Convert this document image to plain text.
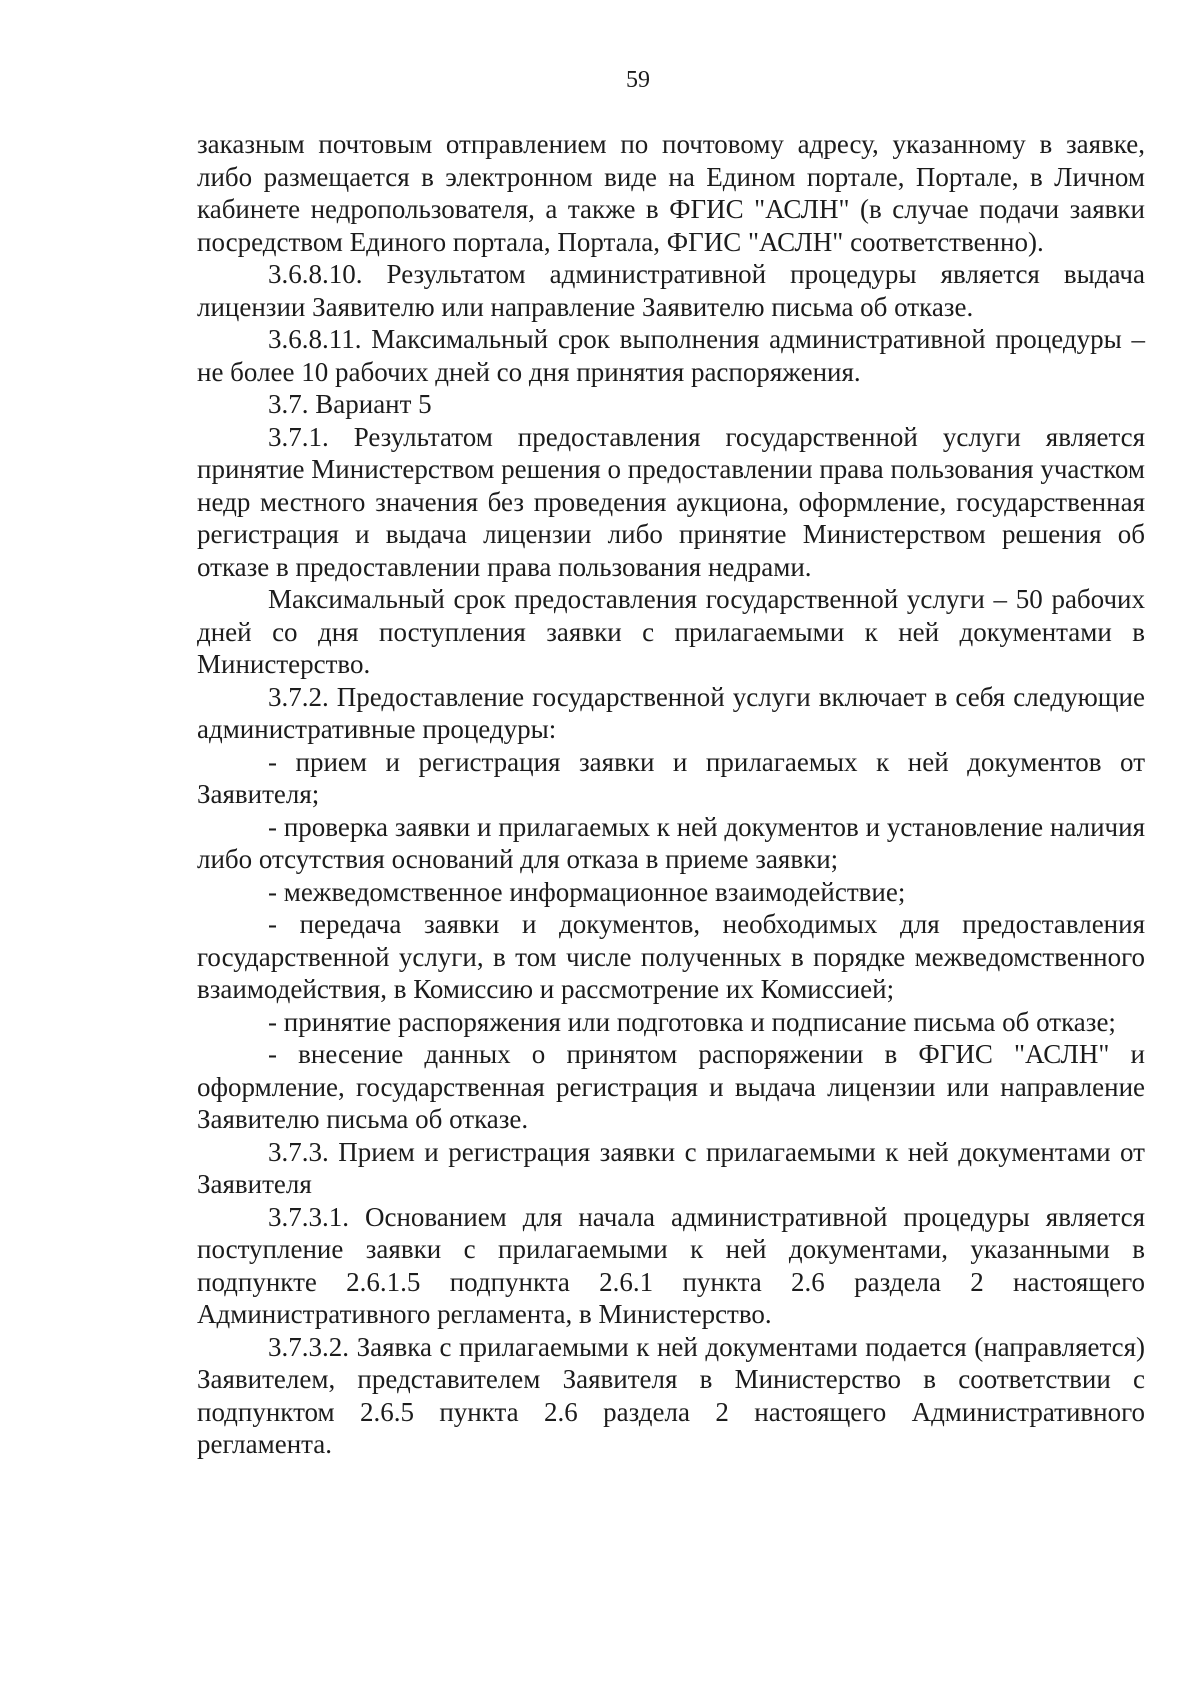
59

заказным почтовым отправлением по почтовому адресу, указанному в заявке, либо размещается в электронном виде на Едином портале, Портале, в Личном кабинете недропользователя, а также в ФГИС "АСЛН" (в случае подачи заявки посредством Единого портала, Портала, ФГИС "АСЛН" соответственно).

3.6.8.10. Результатом административной процедуры является выдача лицензии Заявителю или направление Заявителю письма об отказе.

3.6.8.11. Максимальный срок выполнения административной процедуры – не более 10 рабочих дней со дня принятия распоряжения.

3.7. Вариант 5

3.7.1. Результатом предоставления государственной услуги является принятие Министерством решения о предоставлении права пользования участком недр местного значения без проведения аукциона, оформление, государственная регистрация и выдача лицензии либо принятие Министерством решения об отказе в предоставлении права пользования недрами.

Максимальный срок предоставления государственной услуги – 50 рабочих дней со дня поступления заявки с прилагаемыми к ней документами в Министерство.

3.7.2. Предоставление государственной услуги включает в себя следующие административные процедуры:

- прием и регистрация заявки и прилагаемых к ней документов от Заявителя;

- проверка заявки и прилагаемых к ней документов и установление наличия либо отсутствия оснований для отказа в приеме заявки;

- межведомственное информационное взаимодействие;

- передача заявки и документов, необходимых для предоставления государственной услуги, в том числе полученных в порядке межведомственного взаимодействия, в Комиссию и рассмотрение их Комиссией;

- принятие распоряжения или подготовка и подписание письма об отказе;

- внесение данных о принятом распоряжении в ФГИС "АСЛН" и оформление, государственная регистрация и выдача лицензии или направление Заявителю письма об отказе.

3.7.3. Прием и регистрация заявки с прилагаемыми к ней документами от Заявителя

3.7.3.1. Основанием для начала административной процедуры является поступление заявки с прилагаемыми к ней документами, указанными в подпункте 2.6.1.5 подпункта 2.6.1 пункта 2.6 раздела 2 настоящего Административного регламента, в Министерство.

3.7.3.2. Заявка с прилагаемыми к ней документами подается (направляется) Заявителем, представителем Заявителя в Министерство в соответствии с подпунктом 2.6.5 пункта 2.6 раздела 2 настоящего Административного регламента.
